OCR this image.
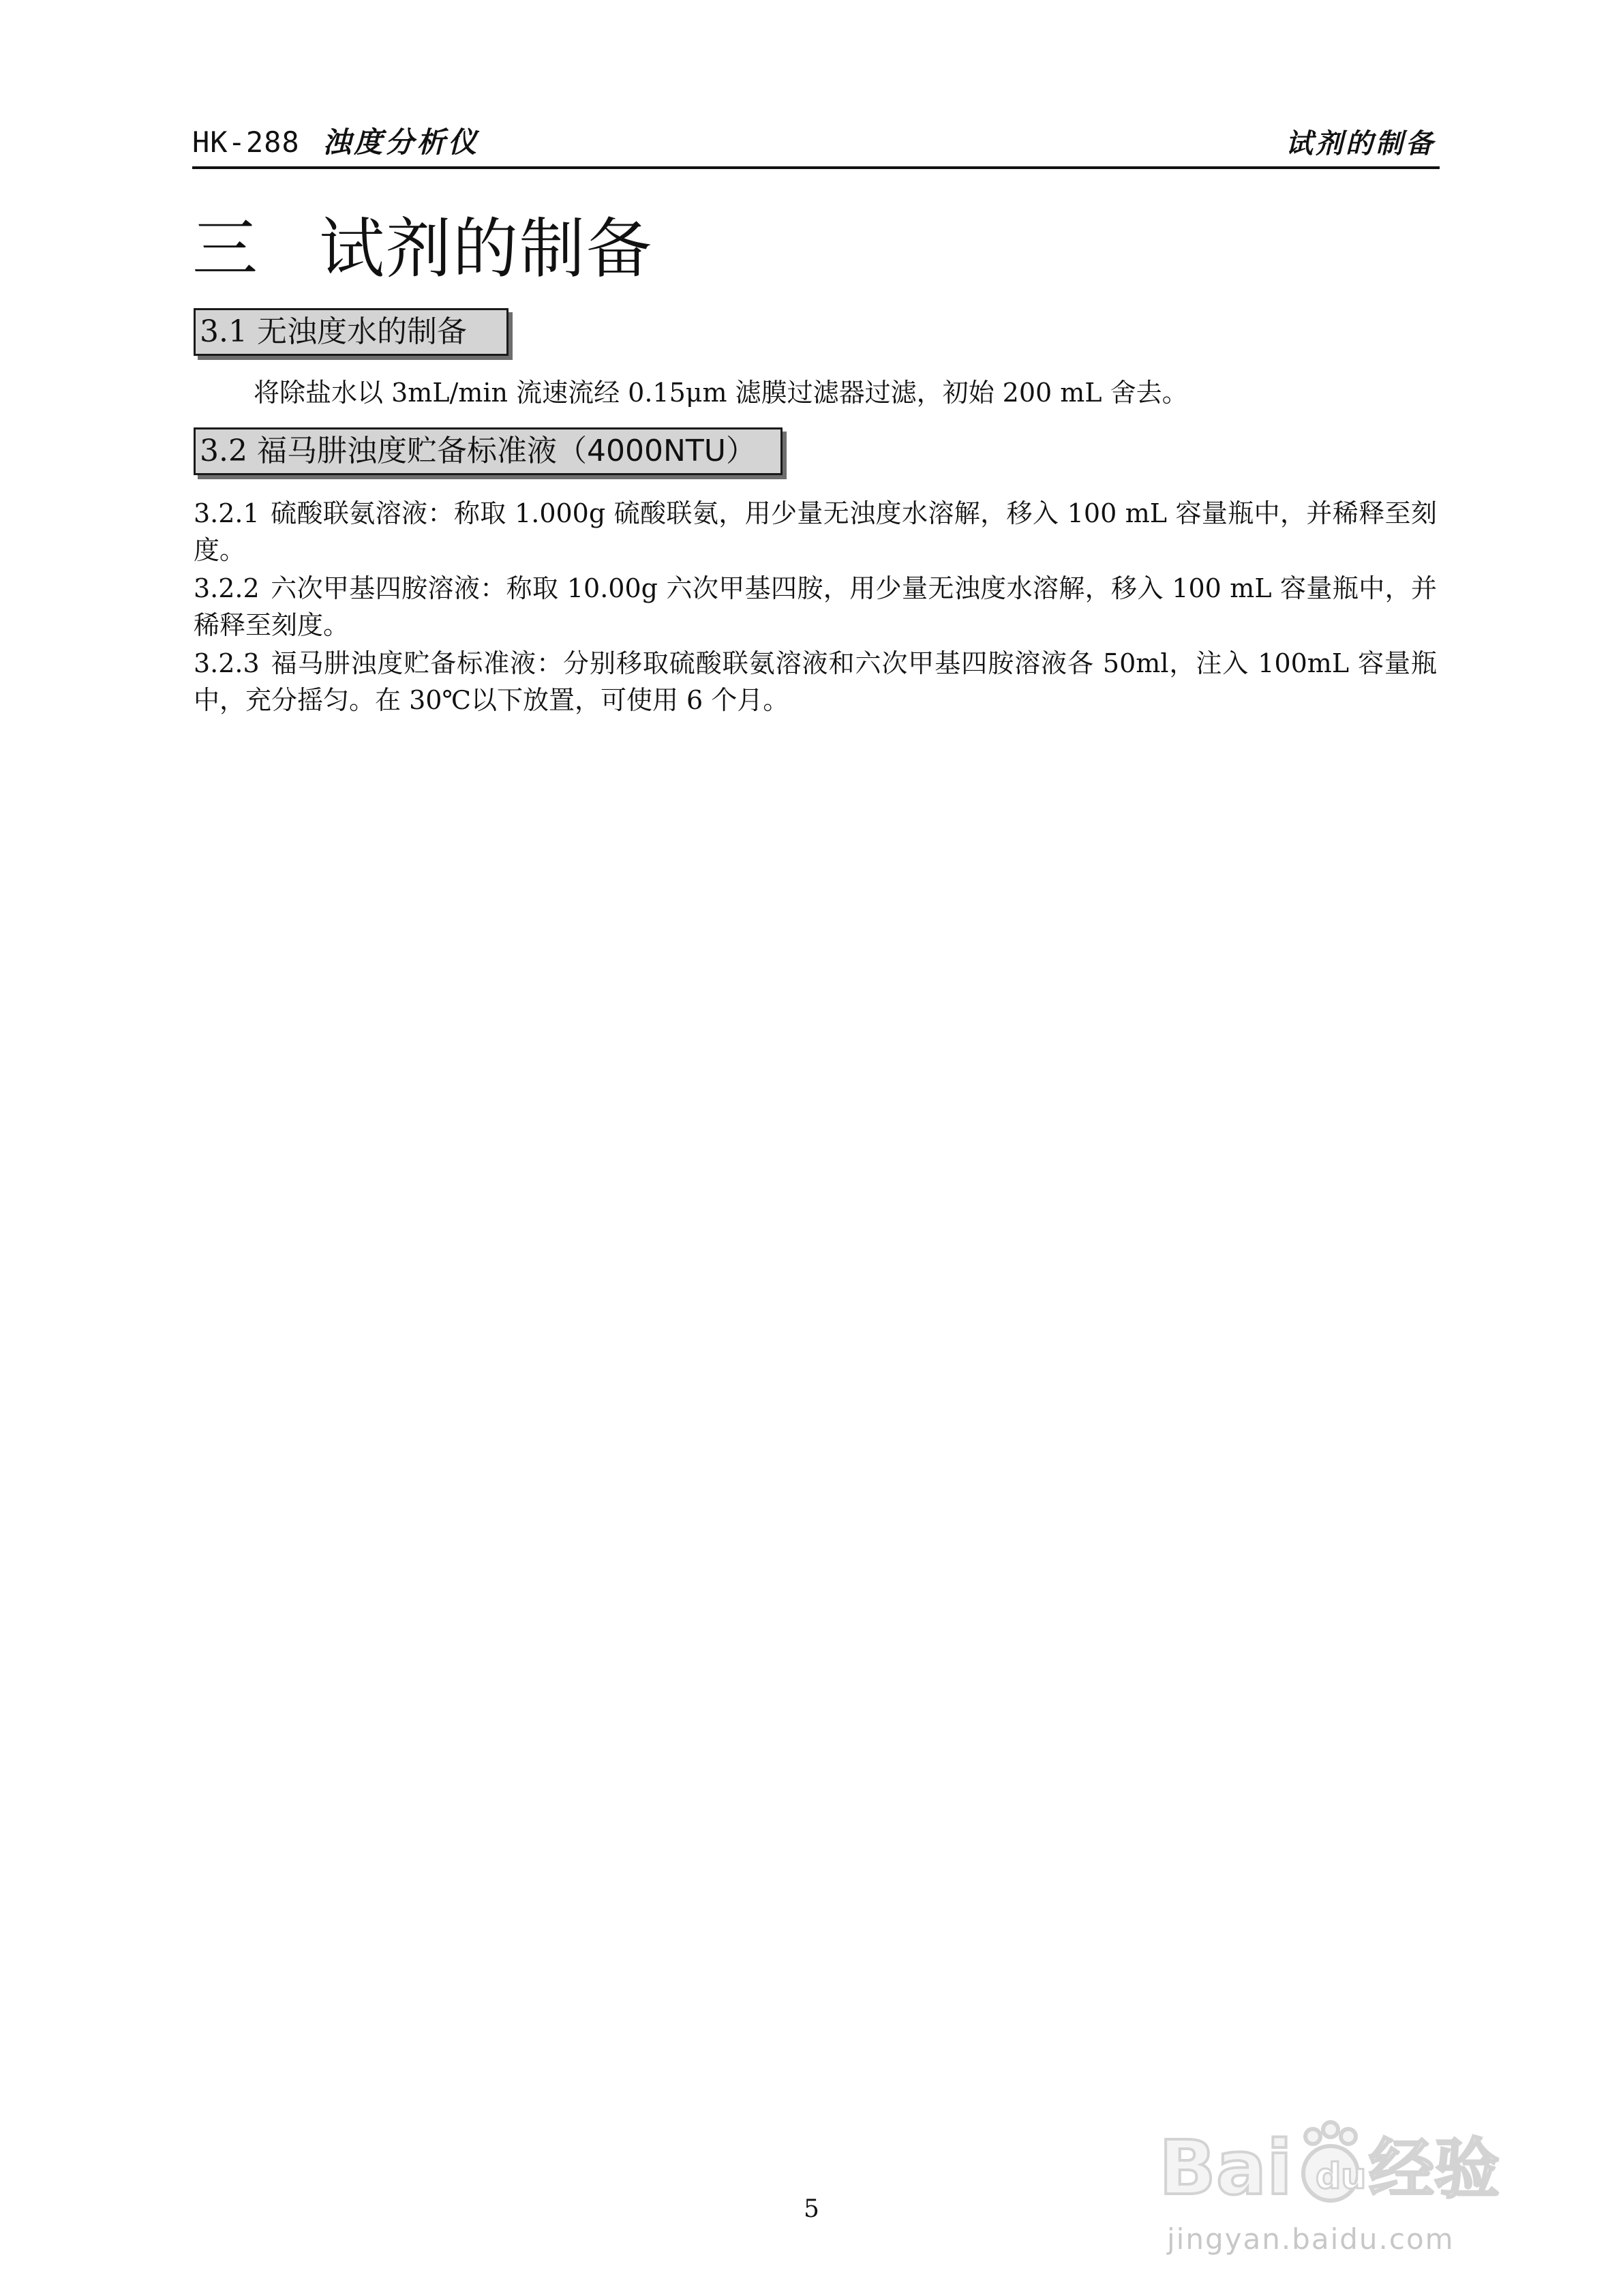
HK-288 浊度分析仪	试剂的制备
三 试剂的制备
3.1 无浊度水的制备

将除盐水以 3mL/min 流速流经 0.15μm 滤膜过滤器过滤，初始 200 mL 舍去。

3.2 福马肼浊度贮备标准液（4000NTU）

3.2.1 硫酸联氨溶液：称取 1.000g 硫酸联氨，用少量无浊度水溶解，移入 100 mL 容量瓶中，并稀释至刻度。

3.2.2 六次甲基四胺溶液：称取 10.00g 六次甲基四胺，用少量无浊度水溶解，移入 100 mL 容量瓶中，并稀释至刻度。

3.2.3 福马肼浊度贮备标准液：分别移取硫酸联氨溶液和六次甲基四胺溶液各 50ml，注入 100mL 容量瓶中，充分摇匀。在 30℃以下放置，可使用 6 个月。

5	Bai du 经验
jingyan.baidu.com
